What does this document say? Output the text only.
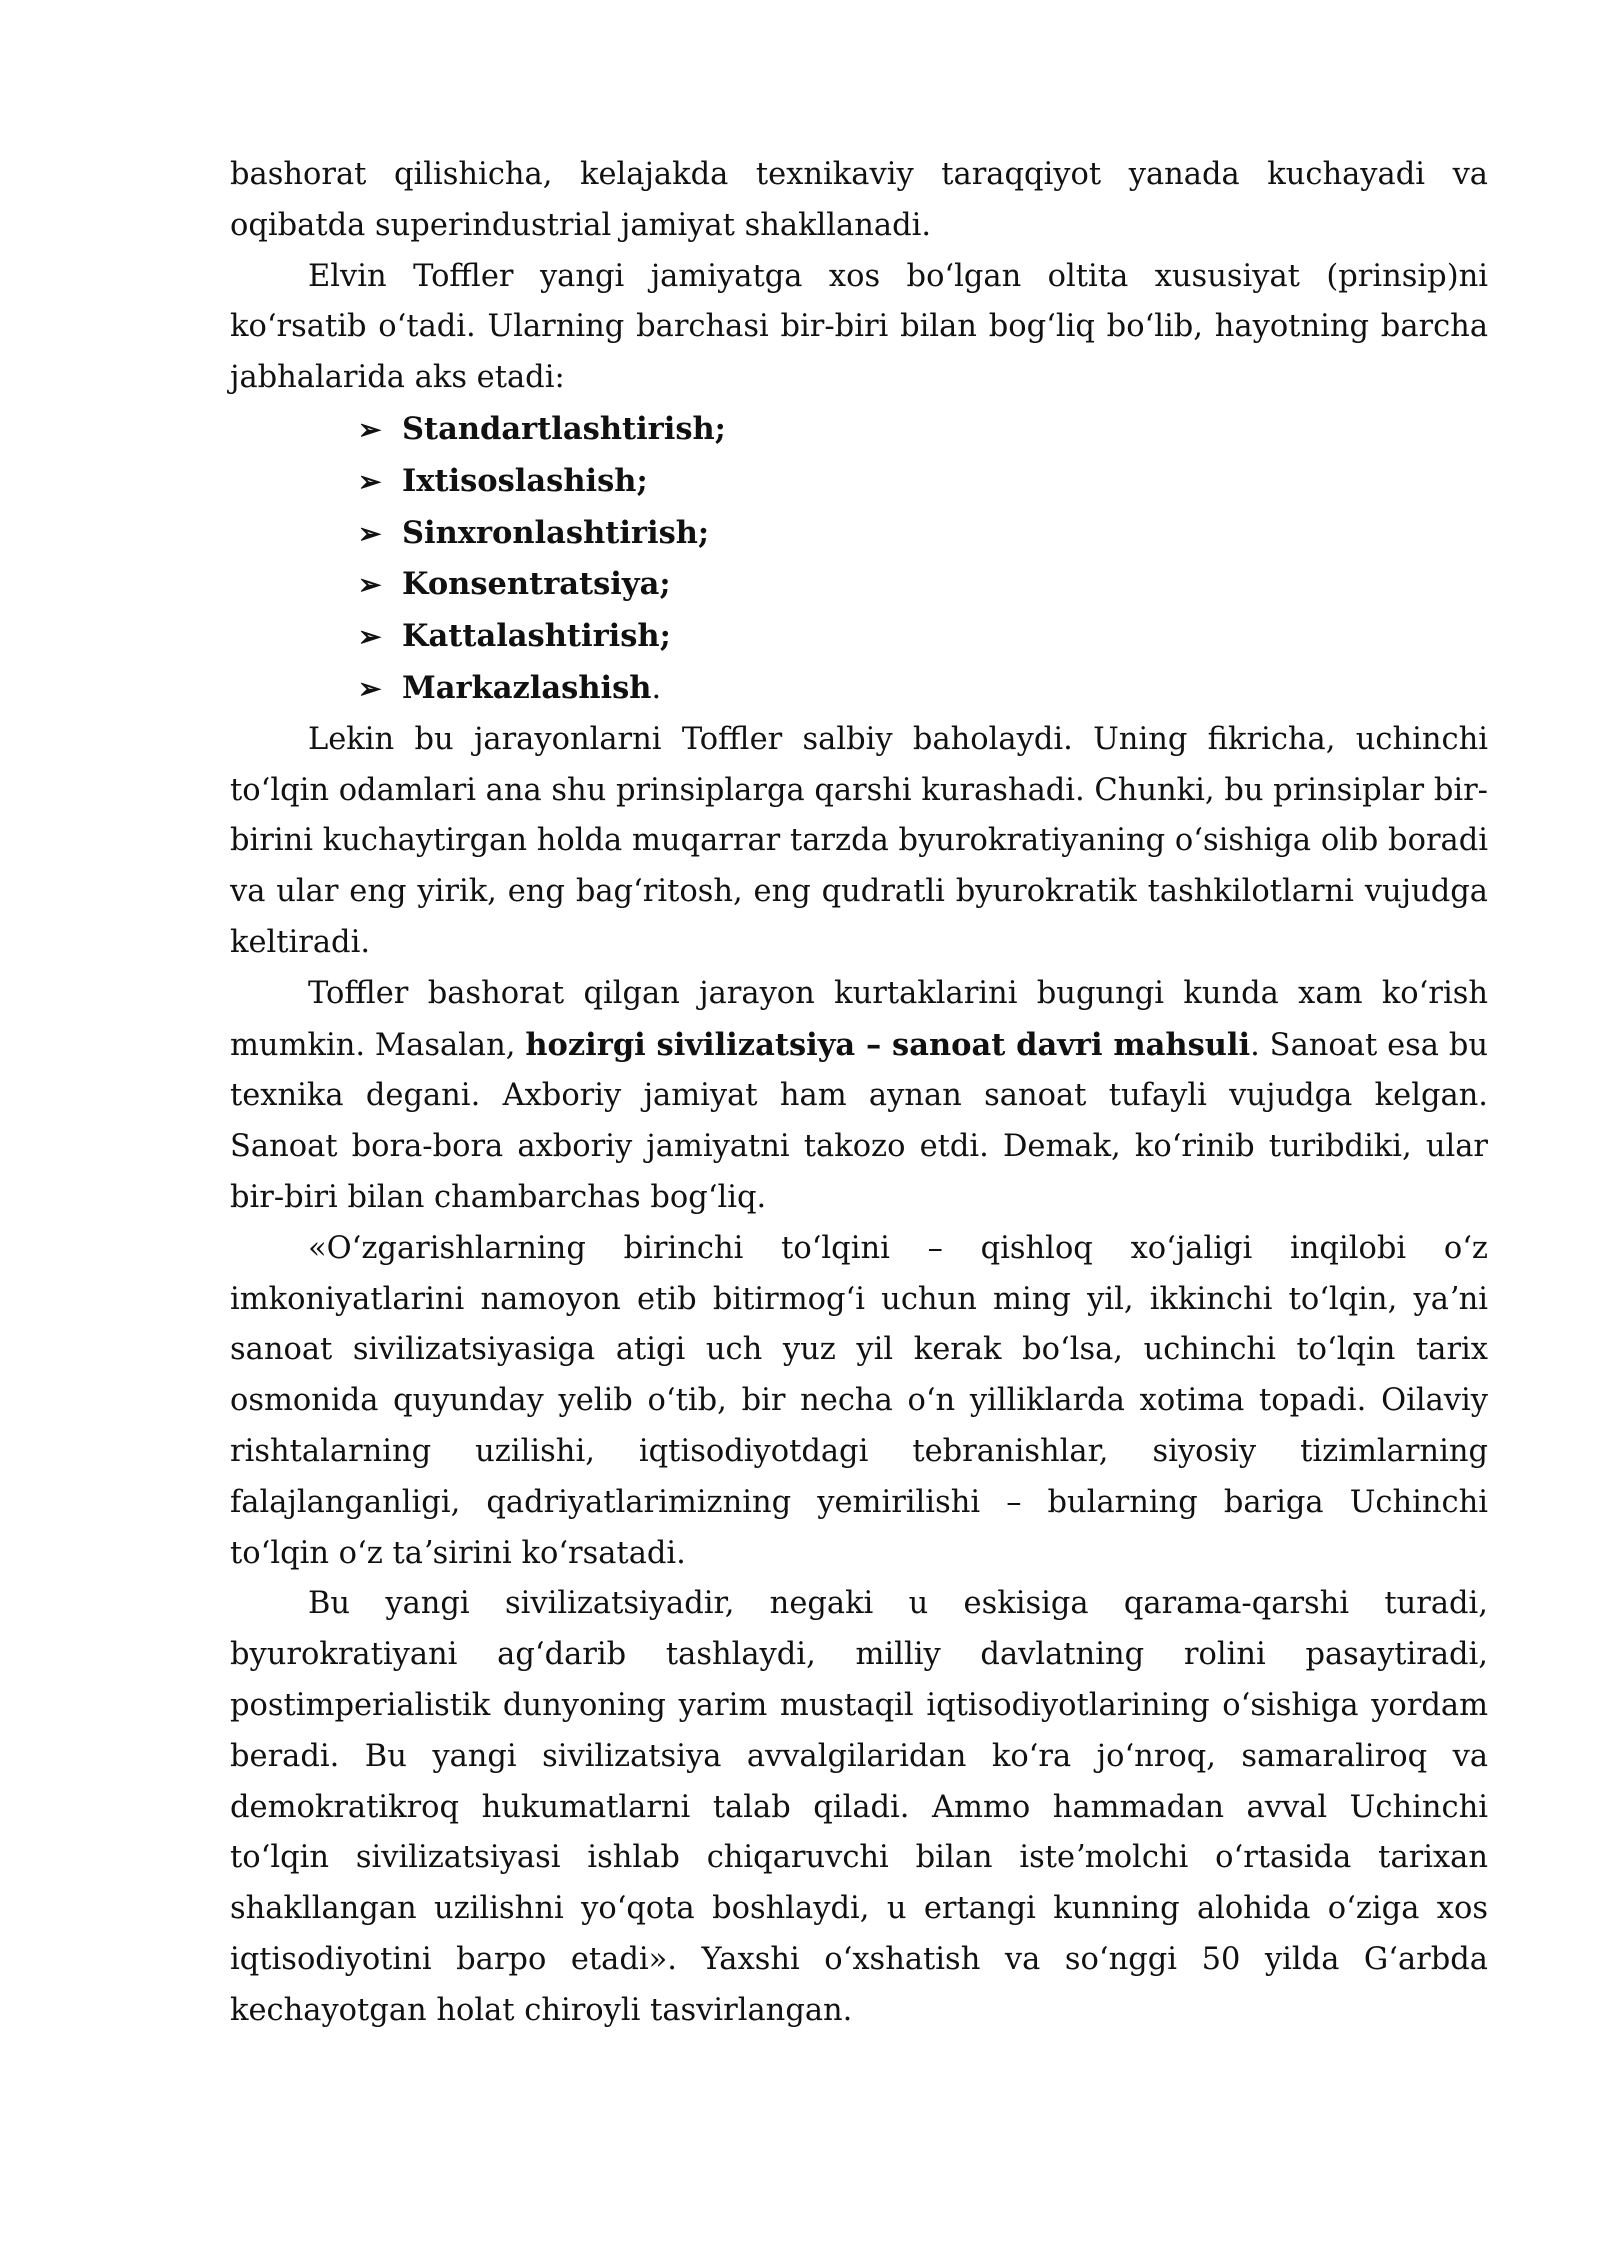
bashorat qilishicha, kelajakda texnikaviy taraqqiyot yanada kuchayadi va oqibatda superindustrial jamiyat shakllanadi.

Elvin Toffler yangi jamiyatga xos boʻlgan oltita xususiyat (prinsip)ni koʻrsatib oʻtadi. Ularning barchasi bir-biri bilan bogʻliq boʻlib, hayotning barcha jabhalarida aks etadi:

➢ Standartlashtirish;
➢ Ixtisoslashish;
➢ Sinxronlashtirish;
➢ Konsentratsiya;
➢ Kattalashtirish;
➢ Markazlashish.

Lekin bu jarayonlarni Toffler salbiy baholaydi. Uning fikricha, uchinchi toʻlqin odamlari ana shu prinsiplarga qarshi kurashadi. Chunki, bu prinsiplar bir-birini kuchaytirgan holda muqarrar tarzda byurokratiyaning oʻsishiga olib boradi va ular eng yirik, eng bagʻritosh, eng qudratli byurokratik tashkilotlarni vujudga keltiradi.

Toffler bashorat qilgan jarayon kurtaklarini bugungi kunda xam koʻrish mumkin. Masalan, hozirgi sivilizatsiya – sanoat davri mahsuli. Sanoat esa bu texnika degani. Axboriy jamiyat ham aynan sanoat tufayli vujudga kelgan. Sanoat bora-bora axboriy jamiyatni takozo etdi. Demak, koʻrinib turibdiki, ular bir-biri bilan chambarchas bogʻliq.

«Oʻzgarishlarning birinchi toʻlqini – qishloq xoʻjaligi inqilobi oʻz imkoniyatlarini namoyon etib bitirmogʻi uchun ming yil, ikkinchi toʻlqin, yaʼni sanoat sivilizatsiyasiga atigi uch yuz yil kerak boʻlsa, uchinchi toʻlqin tarix osmonida quyunday yelib oʻtib, bir necha oʻn yilliklarda xotima topadi. Oilaviy rishtalarning uzilishi, iqtisodiyotdagi tebranishlar, siyosiy tizimlarning falajlanganligi, qadriyatlarimizning yemirilishi – bularning bariga Uchinchi toʻlqin oʻz taʼsirini koʻrsatadi.

Bu yangi sivilizatsiyadir, negaki u eskisiga qarama-qarshi turadi, byurokratiyani agʻdarib tashlaydi, milliy davlatning rolini pasaytiradi, postimperialistik dunyoning yarim mustaqil iqtisodiyotlarining oʻsishiga yordam beradi. Bu yangi sivilizatsiya avvalgilaridan koʻra joʻnroq, samaraliroq va demokratikroq hukumatlarni talab qiladi. Ammo hammadan avval Uchinchi toʻlqin sivilizatsiyasi ishlab chiqaruvchi bilan isteʼmolchi oʻrtasida tarixan shakllangan uzilishni yoʻqota boshlaydi, u ertangi kunning alohida oʻziga xos iqtisodiyotini barpo etadi». Yaxshi oʻxshatish va soʻnggi 50 yilda Gʻarbda kechayotgan holat chiroyli tasvirlangan.
